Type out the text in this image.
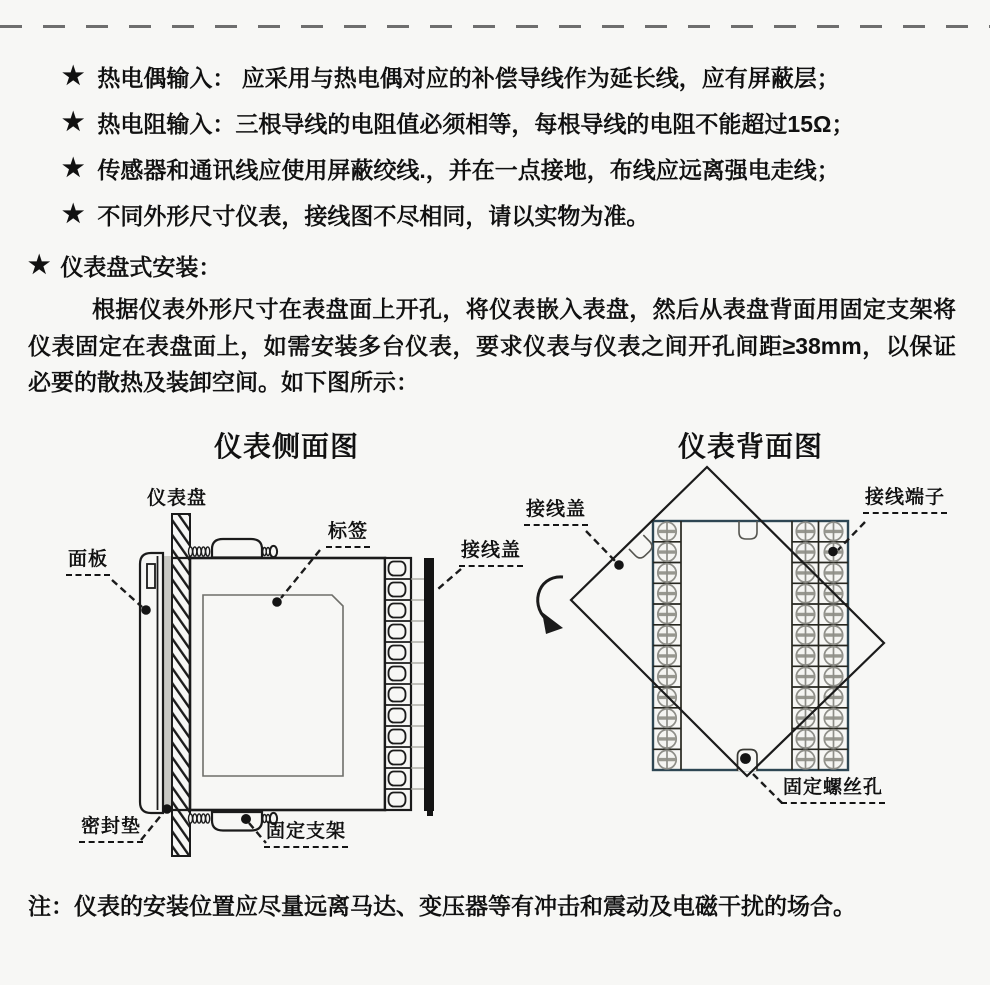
★ 热电偶输入： 应采用与热电偶对应的补偿导线作为延长线，应有屏蔽层；
★ 热电阻输入：三根导线的电阻值必须相等，每根导线的电阻不能超过15Ω；
★ 传感器和通讯线应使用屏蔽绞线.，并在一点接地，布线应远离强电走线；
★ 不同外形尺寸仪表，接线图不尽相同，请以实物为准。
★ 仪表盘式安装：
根据仪表外形尺寸在表盘面上开孔，将仪表嵌入表盘，然后从表盘背面用固定支架将仪表固定在表盘面上，如需安装多台仪表，要求仪表与仪表之间开孔间距≥38mm，以保证必要的散热及装卸空间。如下图所示：
仪表侧面图	仪表背面图
仪表盘
面板
标签
接线盖
密封垫	固定支架
接线盖
接线端子
固定螺丝孔
注：仪表的安装位置应尽量远离马达、变压器等有冲击和震动及电磁干扰的场合。
